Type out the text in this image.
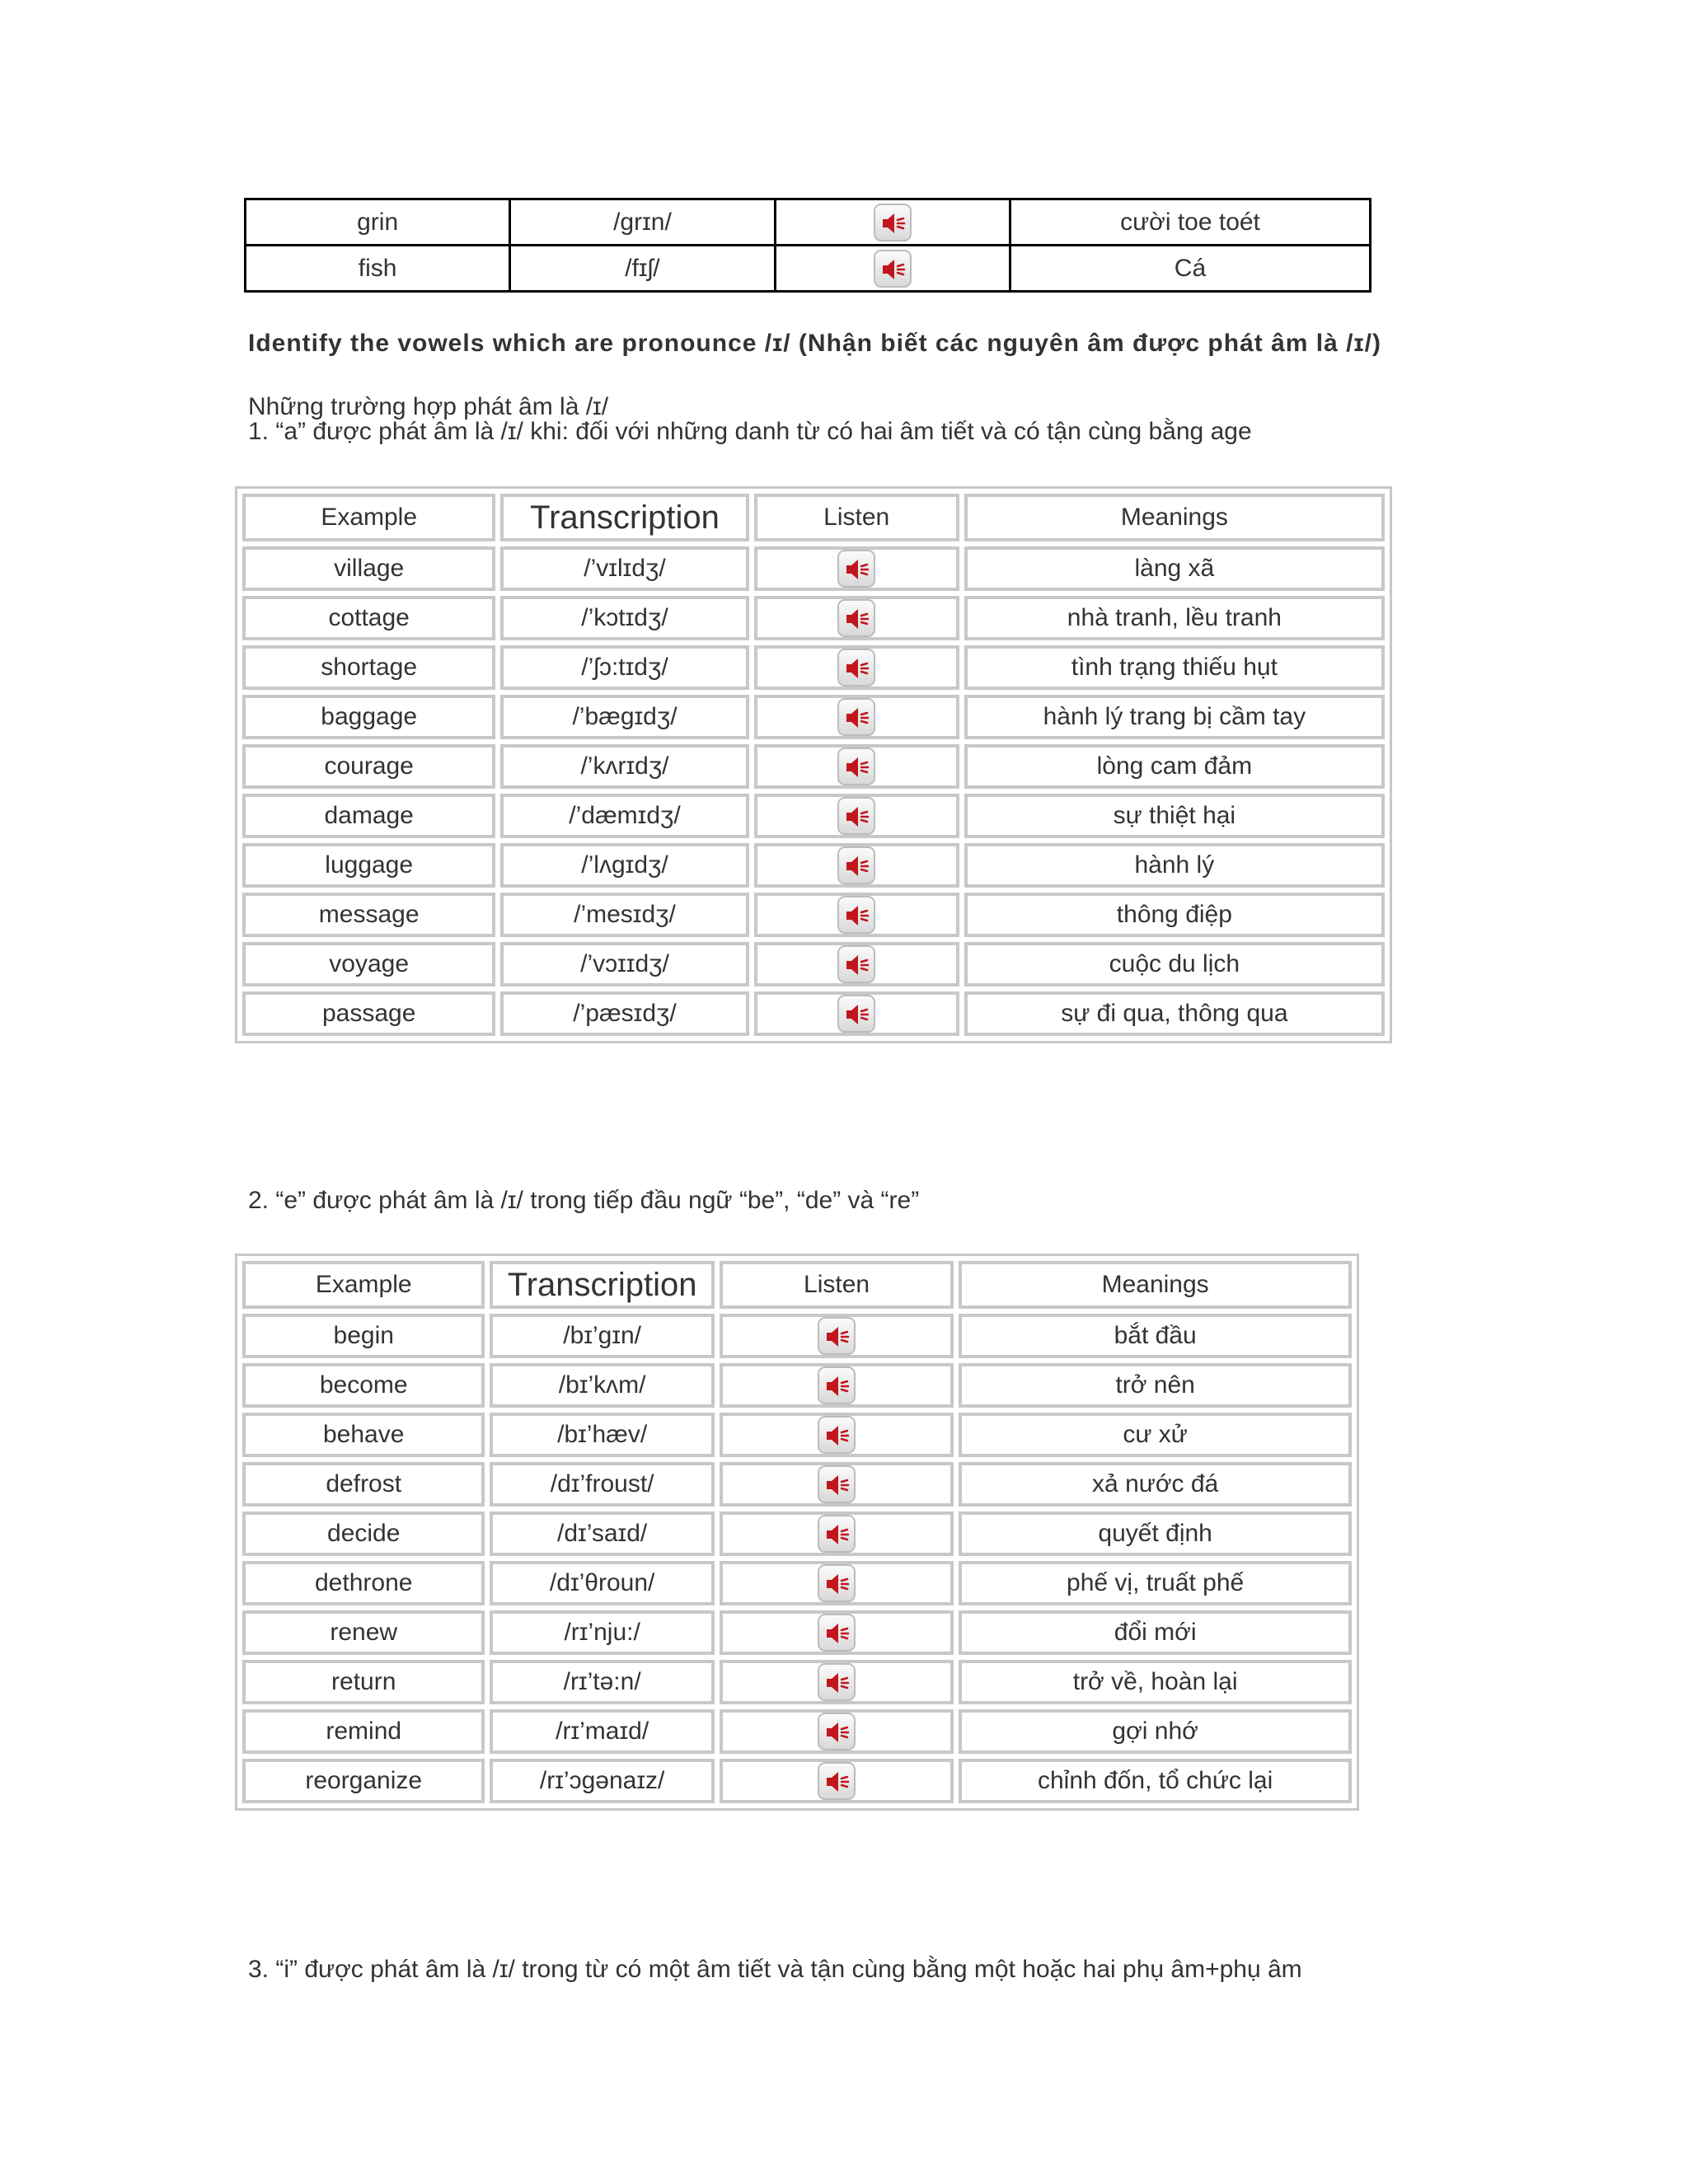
grin	/grɪn/		cười toe toét
fish	/fɪʃ/		Cá
Identify the vowels which are pronounce /ɪ/ (Nhận biết các nguyên âm được phát âm là /ɪ/)
Những trường hợp phát âm là /ɪ/
1. “a” được phát âm là /ɪ/ khi: đối với những danh từ có hai âm tiết và có tận cùng bằng age
Example	Transcription	Listen	Meanings
village	/’vɪlɪdʒ/		làng xã
cottage	/’kɔtɪdʒ/		nhà tranh, lều tranh
shortage	/’ʃɔ:tɪdʒ/		tình trạng thiếu hụt
baggage	/’bægɪdʒ/		hành lý trang bị cầm tay
courage	/’kʌrɪdʒ/		lòng cam đảm
damage	/’dæmɪdʒ/		sự thiệt hại
luggage	/’lʌgɪdʒ/		hành lý
message	/’mesɪdʒ/		thông điệp
voyage	/’vɔɪɪdʒ/		cuộc du lịch
passage	/’pæsɪdʒ/		sự đi qua, thông qua
2. “e” được phát âm là /ɪ/ trong tiếp đầu ngữ “be”, “de” và “re”
Example	Transcription	Listen	Meanings
begin	/bɪ’gɪn/		bắt đầu
become	/bɪ’kʌm/		trở nên
behave	/bɪ’hæv/		cư xử
defrost	/dɪ’froust/		xả nước đá
decide	/dɪ’saɪd/		quyết định
dethrone	/dɪ’θroun/		phế vị, truất phế
renew	/rɪ’nju:/		đổi mới
return	/rɪ’tə:n/		trở về, hoàn lại
remind	/rɪ’maɪd/		gợi nhớ
reorganize	/rɪ’ɔgənaɪz/		chỉnh đốn, tổ chức lại
3. “i” được phát âm là /ɪ/ trong từ có một âm tiết và tận cùng bằng một hoặc hai phụ âm+phụ âm
